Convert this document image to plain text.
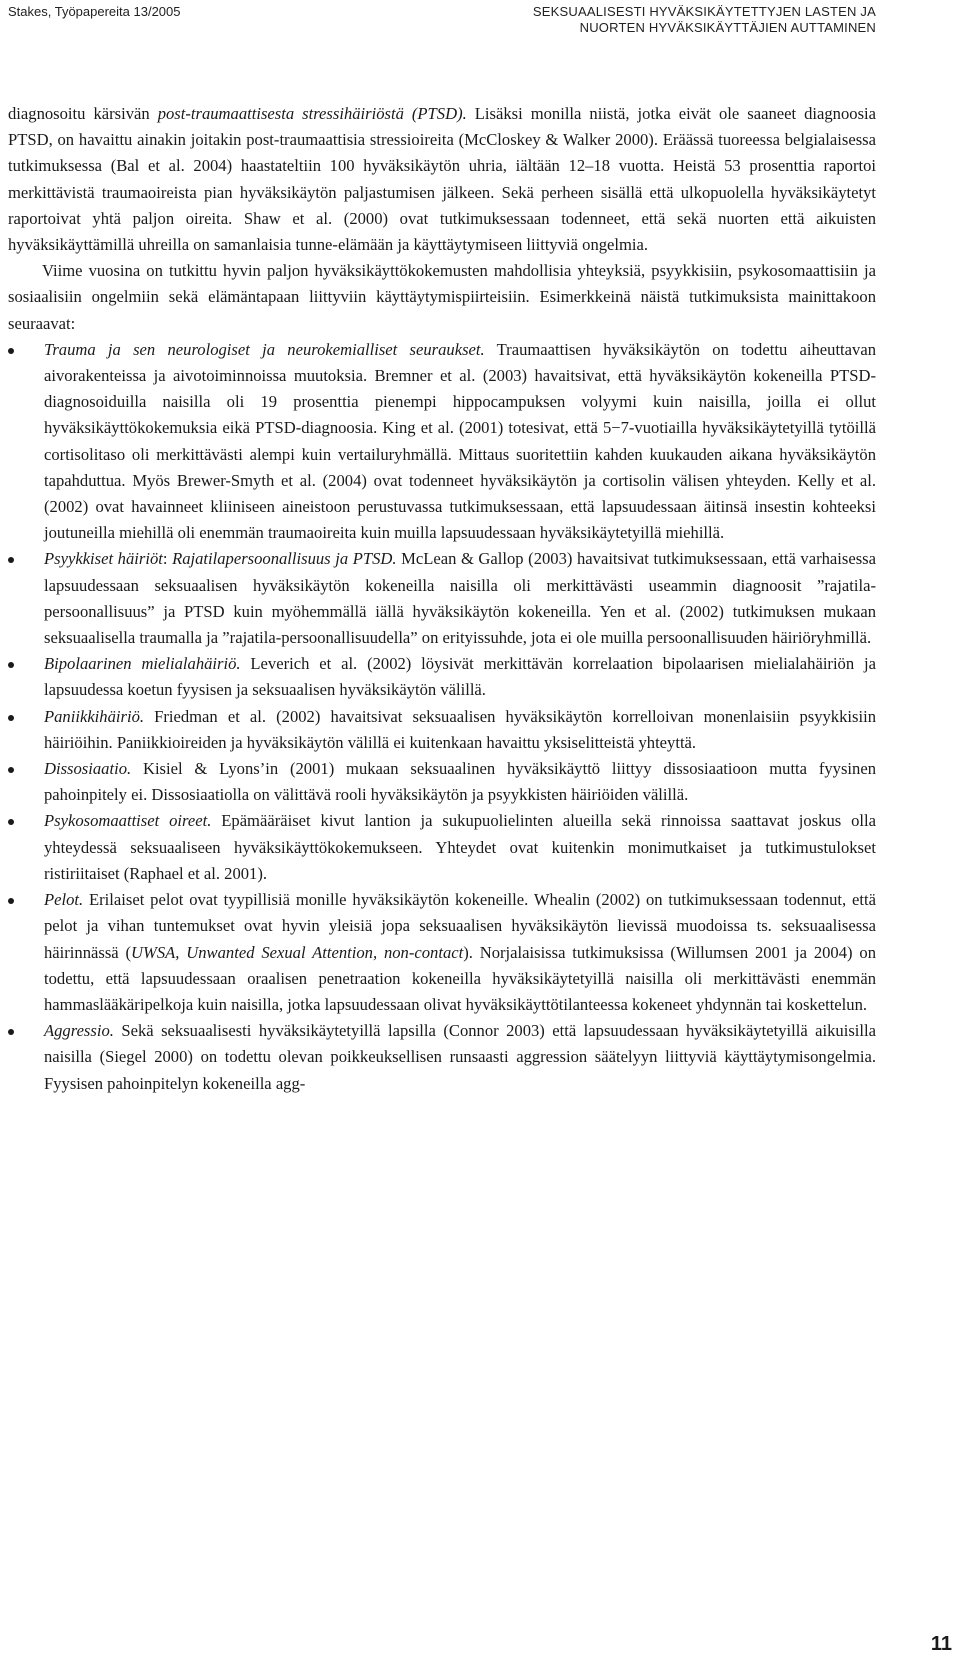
Stakes, Työpapereita 13/2005	SEKSUAALISESTI HYVÄKSIKÄYTETTYJEN LASTEN JA
NUORTEN HYVÄKSIKÄYTTÄJIEN AUTTAMINEN

diagnosoitu kärsivän post-traumaattisesta stressihäiriöstä (PTSD). Lisäksi monilla niistä, jotka eivät ole saaneet diagnoosia PTSD, on havaittu ainakin joitakin post-traumaattisia stressioireita (McCloskey & Walker 2000). Eräässä tuoreessa belgialaisessa tutkimuksessa (Bal et al. 2004) haastateltiin 100 hyväksikäytön uhria, iältään 12–18 vuotta. Heistä 53 prosenttia raportoi merkittävistä traumaoireista pian hyväksikäytön paljastumisen jälkeen. Sekä perheen sisällä että ulkopuolella hyväksikäytetyt raportoivat yhtä paljon oireita. Shaw et al. (2000) ovat tutkimuksessaan todenneet, että sekä nuorten että aikuisten hyväksikäyttämillä uhreilla on samanlaisia tunne-elämään ja käyttäytymiseen liittyviä ongelmia.

Viime vuosina on tutkittu hyvin paljon hyväksikäyttökokemusten mahdollisia yhteyksiä, psyykkisiin, psykosomaattisiin ja sosiaalisiin ongelmiin sekä elämäntapaan liittyviin käyttäytymispiirteisiin. Esimerkkeinä näistä tutkimuksista mainittakoon seuraavat:

Trauma ja sen neurologiset ja neurokemialliset seuraukset. Traumaattisen hyväksikäytön on todettu aiheuttavan aivorakenteissa ja aivotoiminnoissa muutoksia. Bremner et al. (2003) havaitsivat, että hyväksikäytön kokeneilla PTSD-diagnosoiduilla naisilla oli 19 prosenttia pienempi hippocampuksen volyymi kuin naisilla, joilla ei ollut hyväksikäyttökokemuksia eikä PTSD-diagnoosia. King et al. (2001) totesivat, että 5−7-vuotiailla hyväksikäytetyillä tytöillä cortisolitaso oli merkittävästi alempi kuin vertailuryhmällä. Mittaus suoritettiin kahden kuukauden aikana hyväksikäytön tapahduttua. Myös Brewer-Smyth et al. (2004) ovat todenneet hyväksikäytön ja cortisolin välisen yhteyden. Kelly et al. (2002) ovat havainneet kliiniseen aineistoon perustuvassa tutkimuksessaan, että lapsuudessaan äitinsä insestin kohteeksi joutuneilla miehillä oli enemmän traumaoireita kuin muilla lapsuudessaan hyväksikäytetyillä miehillä.
Psyykkiset häiriöt: Rajatilapersoonallisuus ja PTSD. McLean & Gallop (2003) havaitsivat tutkimuksessaan, että varhaisessa lapsuudessaan seksuaalisen hyväksikäytön kokeneilla naisilla oli merkittävästi useammin diagnoosit ”rajatila-persoonallisuus” ja PTSD kuin myöhemmällä iällä hyväksikäytön kokeneilla. Yen et al. (2002) tutkimuksen mukaan seksuaalisella traumalla ja ”rajatila-persoonallisuudella” on erityissuhde, jota ei ole muilla persoonallisuuden häiriöryhmillä.
Bipolaarinen mielialahäiriö. Leverich et al. (2002) löysivät merkittävän korrelaation bipolaarisen mielialahäiriön ja lapsuudessa koetun fyysisen ja seksuaalisen hyväksikäytön välillä.
Paniikkihäiriö. Friedman et al. (2002) havaitsivat seksuaalisen hyväksikäytön korrelloivan monenlaisiin psyykkisiin häiriöihin. Paniikkioireiden ja hyväksikäytön välillä ei kuitenkaan havaittu yksiselitteistä yhteyttä.
Dissosiaatio. Kisiel & Lyons’in (2001) mukaan seksuaalinen hyväksikäyttö liittyy dissosiaatioon mutta fyysinen pahoinpitely ei. Dissosiaatiolla on välittävä rooli hyväksikäytön ja psyykkisten häiriöiden välillä.
Psykosomaattiset oireet. Epämääräiset kivut lantion ja sukupuolielinten alueilla sekä rinnoissa saattavat joskus olla yhteydessä seksuaaliseen hyväksikäyttökokemukseen. Yhteydet ovat kuitenkin monimutkaiset ja tutkimustulokset ristiriitaiset (Raphael et al. 2001).
Pelot. Erilaiset pelot ovat tyypillisiä monille hyväksikäytön kokeneille. Whealin (2002) on tutkimuksessaan todennut, että pelot ja vihan tuntemukset ovat hyvin yleisiä jopa seksuaalisen hyväksikäytön lievissä muodoissa ts. seksuaalisessa häirinnässä (UWSA, Unwanted Sexual Attention, non-contact). Norjalaisissa tutkimuksissa (Willumsen 2001 ja 2004) on todettu, että lapsuudessaan oraalisen penetraation kokeneilla hyväksikäytetyillä naisilla oli merkittävästi enemmän hammaslääkäripelkoja kuin naisilla, jotka lapsuudessaan olivat hyväksikäyttötilanteessa kokeneet yhdynnän tai koskettelun.
Aggressio. Sekä seksuaalisesti hyväksikäytetyillä lapsilla (Connor 2003) että lapsuudessaan hyväksikäytetyillä aikuisilla naisilla (Siegel 2000) on todettu olevan poikkeuksellisen runsaasti aggression säätelyyn liittyviä käyttäytymisongelmia. Fyysisen pahoinpitelyn kokeneilla agg-
11
